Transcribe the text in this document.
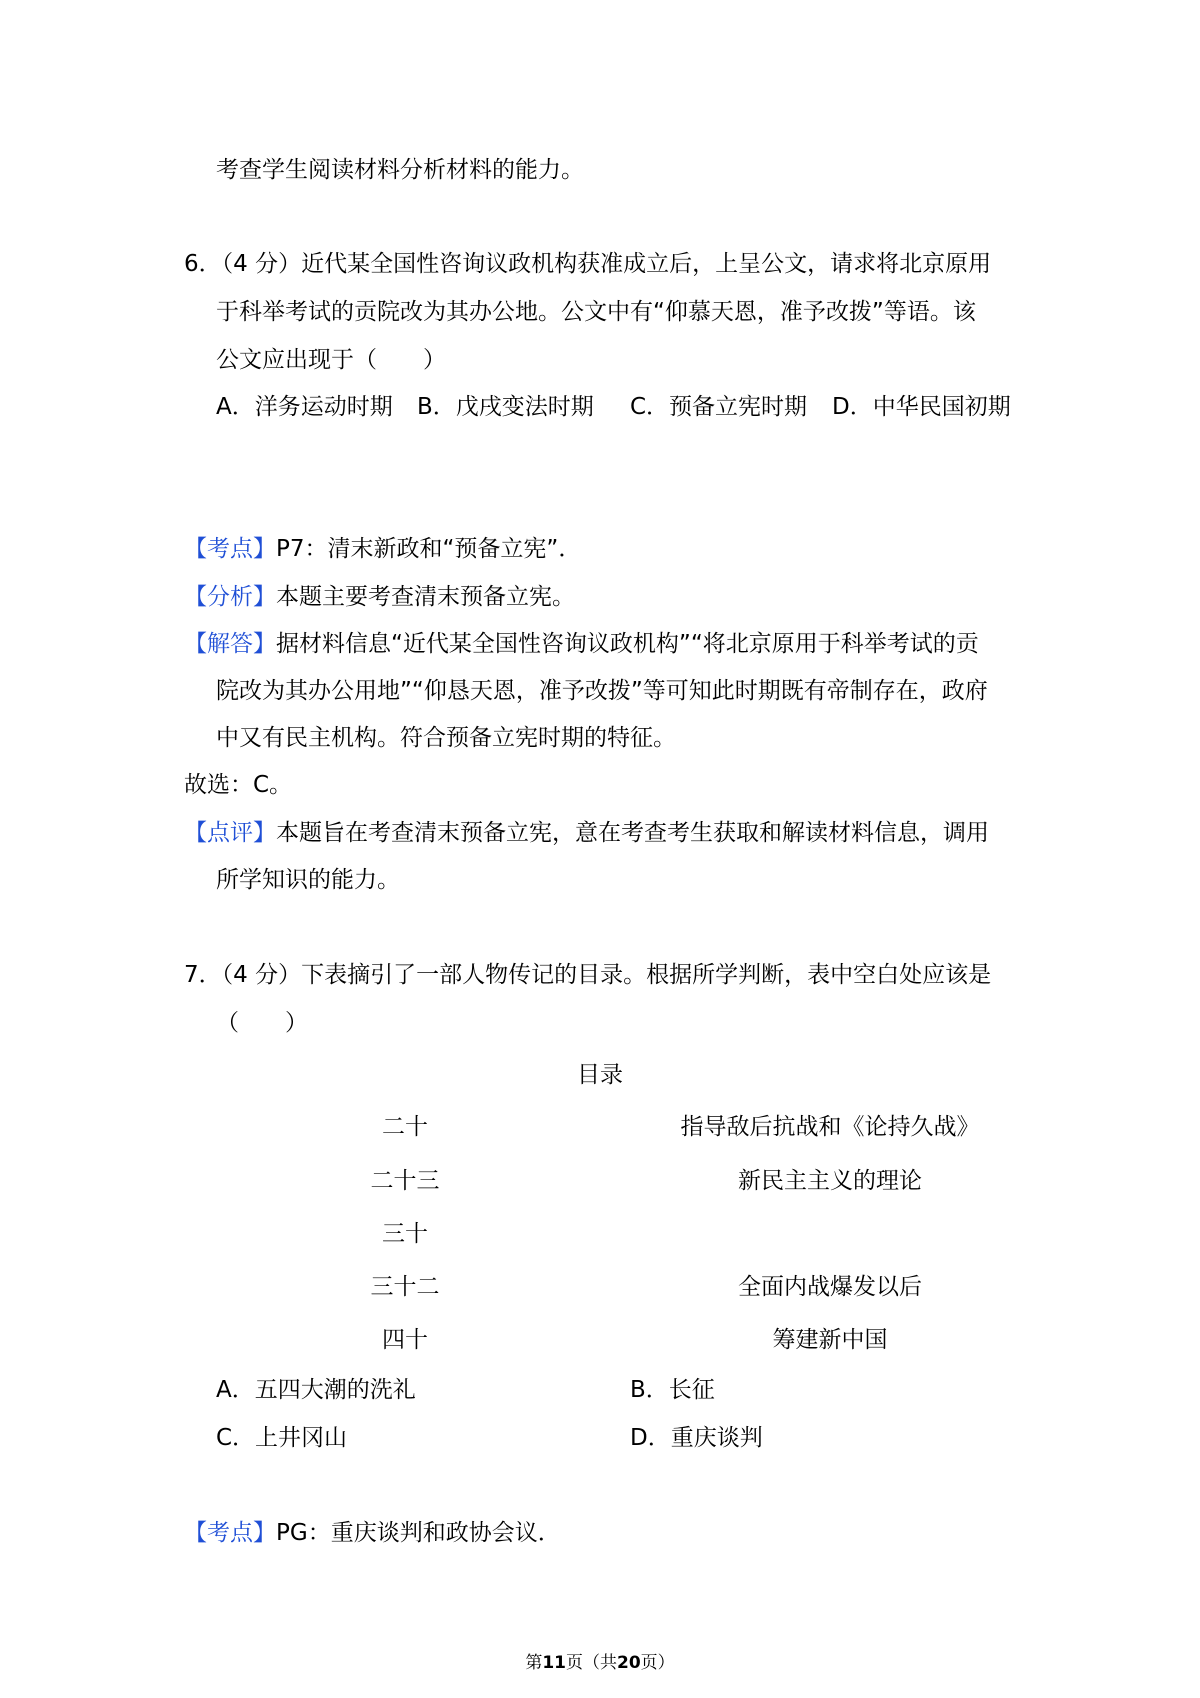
考查学生阅读材料分析材料的能力。
6．（4 分）近代某全国性咨询议政机构获准成立后，上呈公文，请求将北京原用
于科举考试的贡院改为其办公地。公文中有“仰慕天恩，准予改拨”等语。该
公文应出现于（　　）
A．洋务运动时期 B．戊戌变法时期 C．预备立宪时期 D．中华民国初期
【考点】P7：清末新政和“预备立宪”．
【分析】本题主要考查清末预备立宪。
【解答】据材料信息“近代某全国性咨询议政机构”“将北京原用于科举考试的贡
院改为其办公用地”“仰恳天恩，准予改拨”等可知此时期既有帝制存在，政府
中又有民主机构。符合预备立宪时期的特征。
故选：C。
【点评】本题旨在考查清末预备立宪，意在考查考生获取和解读材料信息，调用
所学知识的能力。
7．（4 分）下表摘引了一部人物传记的目录。根据所学判断，表中空白处应该是
（　　）
目录
二十	指导敌后抗战和《论持久战》
二十三	新民主主义的理论
三十
三十二	全面内战爆发以后
四十	筹建新中国
A．五四大潮的洗礼	B．长征
C．上井冈山	D．重庆谈判
【考点】PG：重庆谈判和政协会议．
第11页（共20页）
